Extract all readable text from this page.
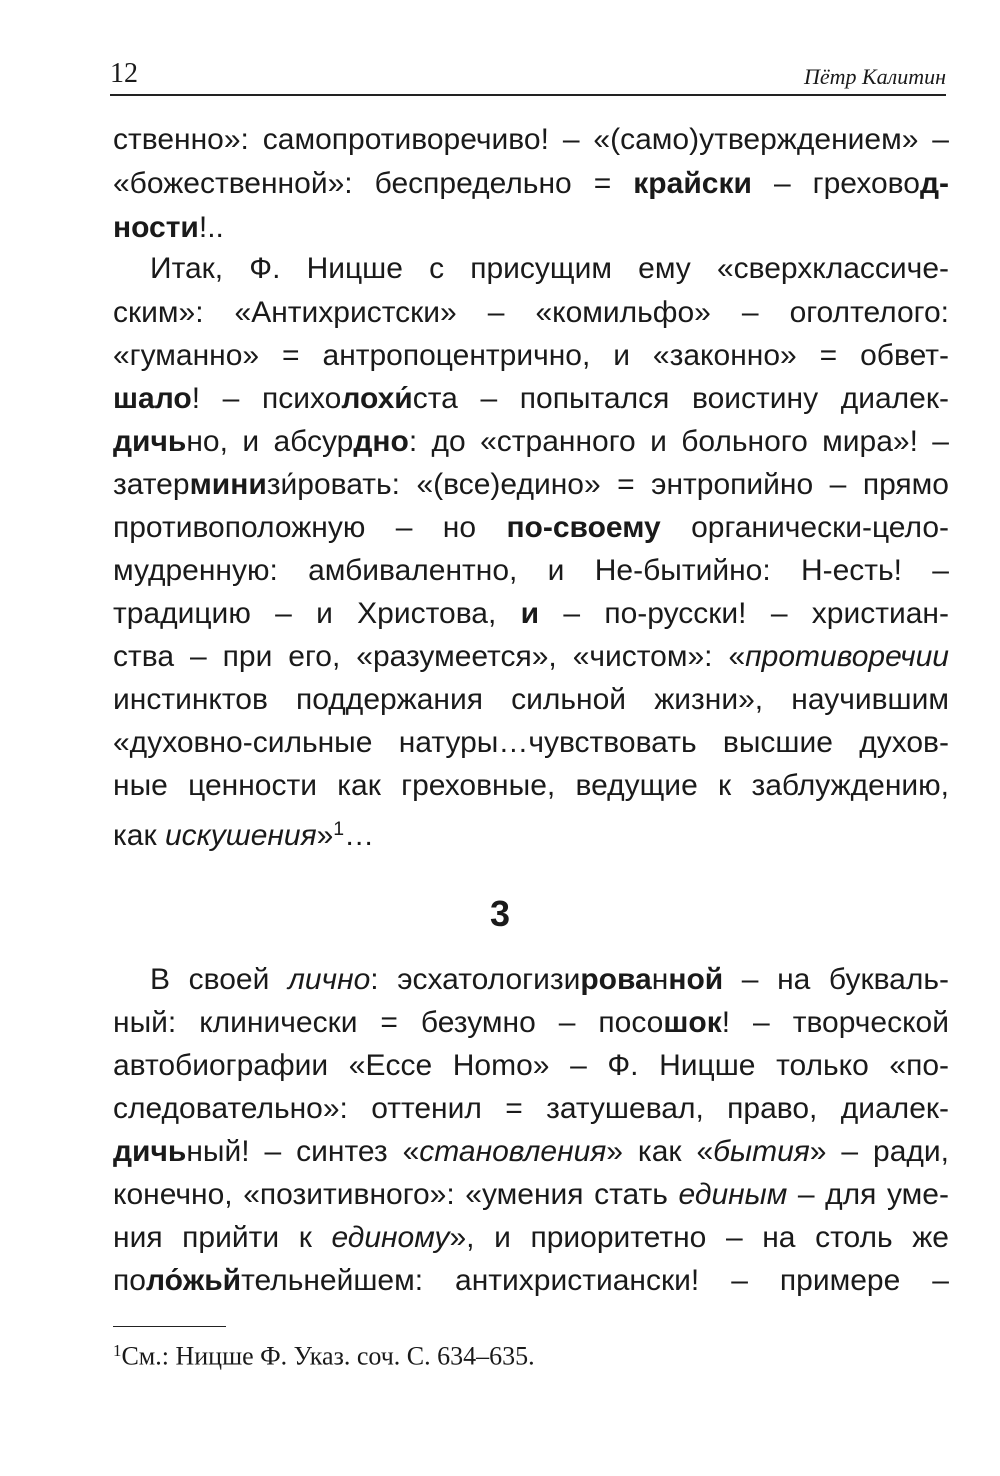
12	Пётр Калитин
ственно»: самопротиворечиво! – «(само)утверждением» –
«божественной»: беспредельно = крайски – греховод-
ности!..
Итак, Ф. Ницше с присущим ему «сверхклассиче-
ским»: «Антихристски» – «комильфо» – оголтелого:
«гуманно» = антропоцентрично, и «законно» = обвет-
шало! – психолохи́ста – попытался воистину диалек-
дичьно, и абсурдно: до «странного и больного мира»! –
затерминизи́ровать: «(все)едино» = энтропийно – прямо
противоположную – но по-своему органически-цело-
мудренную: амбивалентно, и Не-бытийно: Н-есть! –
традицию – и Христова, и – по-русски! – христиан-
ства – при его, «разумеется», «чистом»: «противоречии
инстинктов поддержания сильной жизни», научившим
«духовно-сильные натуры…чувствовать высшие духов-
ные ценности как греховные, ведущие к заблуждению,
как искушения»$^1$…
3
В своей лично: эсхатологизированной – на букваль-
ный: клинически = безумно – посошок! – творческой
автобиографии «Ecce Homo» – Ф. Ницше только «по-
следовательно»: оттенил = затушевал, право, диалек-
дичьный! – синтез «становления» как «бытия» – ради,
конечно, «позитивного»: «умения стать единым – для уме-
ния прийти к единому», и приоритетно – на столь же
поло́жьйтельнейшем: антихристиански! – примере –
$^1$См.: Ницше Ф. Указ. соч. С. 634–635.
